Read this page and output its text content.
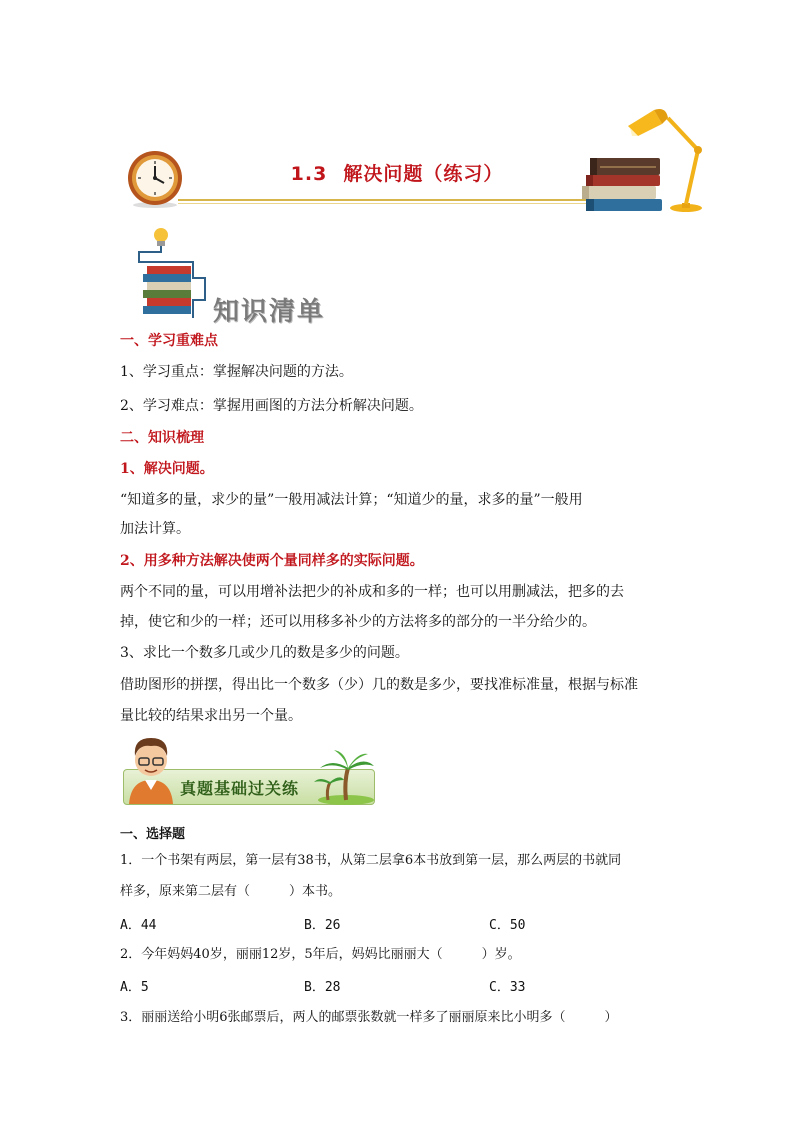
1.3 解决问题（练习）
知识清单
一、学习重难点
1、学习重点：掌握解决问题的方法。
2、学习难点：掌握用画图的方法分析解决问题。
二、知识梳理
1、解决问题。
“知道多的量，求少的量”一般用减法计算；“知道少的量，求多的量”一般用
加法计算。
2、用多种方法解决使两个量同样多的实际问题。
两个不同的量，可以用增补法把少的补成和多的一样；也可以用删减法，把多的去
掉，使它和少的一样；还可以用移多补少的方法将多的部分的一半分给少的。
3、求比一个数多几或少几的数是多少的问题。
借助图形的拼摆，得出比一个数多（少）几的数是多少，要找准标准量，根据与标准
量比较的结果求出另一个量。
真题基础过关练
一、选择题
1．一个书架有两层，第一层有38书，从第二层拿6本书放到第一层，那么两层的书就同
样多，原来第二层有（　　　）本书。
A．44	B．26	C．50
2．今年妈妈40岁，丽丽12岁，5年后，妈妈比丽丽大（　　　）岁。
A．5	B．28	C．33
3．丽丽送给小明6张邮票后，两人的邮票张数就一样多了丽丽原来比小明多（　　　）
